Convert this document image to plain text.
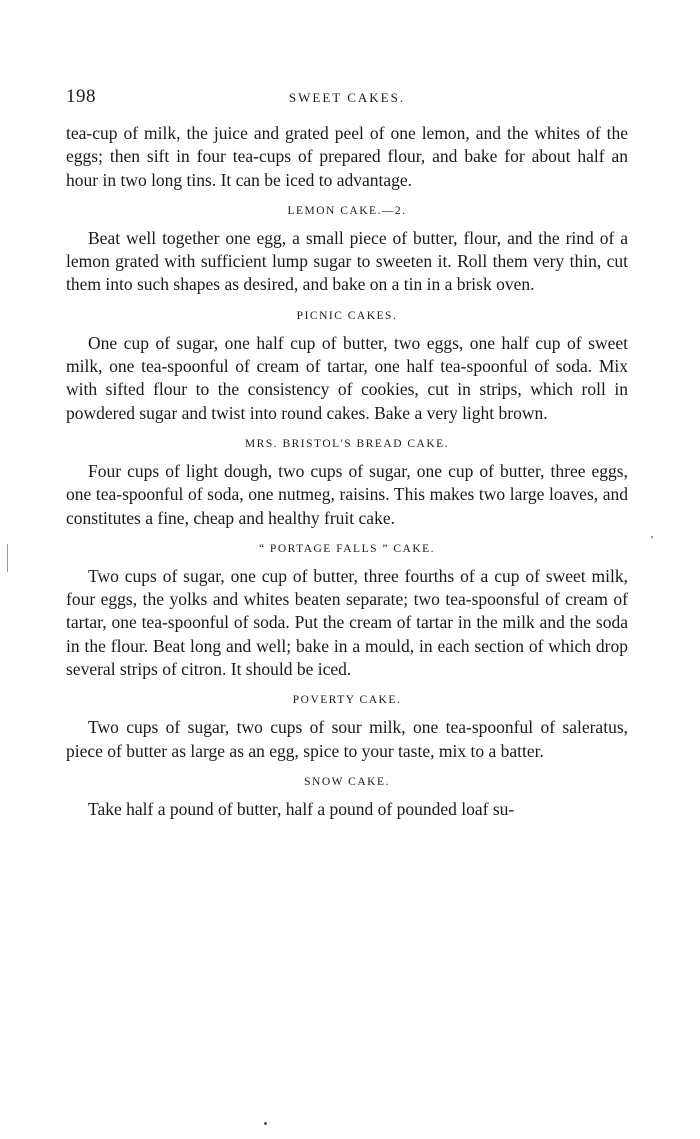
198	SWEET CAKES.

tea-cup of milk, the juice and grated peel of one lemon, and the whites of the eggs; then sift in four tea-cups of prepared flour, and bake for about half an hour in two long tins. It can be iced to advantage.

LEMON CAKE.—2.

Beat well together one egg, a small piece of butter, flour, and the rind of a lemon grated with sufficient lump sugar to sweeten it. Roll them very thin, cut them into such shapes as desired, and bake on a tin in a brisk oven.

PICNIC CAKES.

One cup of sugar, one half cup of butter, two eggs, one half cup of sweet milk, one tea-spoonful of cream of tartar, one half tea-spoonful of soda. Mix with sifted flour to the consistency of cookies, cut in strips, which roll in powdered sugar and twist into round cakes. Bake a very light brown.

MRS. BRISTOL'S BREAD CAKE.

Four cups of light dough, two cups of sugar, one cup of butter, three eggs, one tea-spoonful of soda, one nutmeg, raisins. This makes two large loaves, and constitutes a fine, cheap and healthy fruit cake.

“ PORTAGE FALLS ” CAKE.

Two cups of sugar, one cup of butter, three fourths of a cup of sweet milk, four eggs, the yolks and whites beaten separate; two tea-spoonsful of cream of tartar, one tea-spoonful of soda. Put the cream of tartar in the milk and the soda in the flour. Beat long and well; bake in a mould, in each section of which drop several strips of citron. It should be iced.

POVERTY CAKE.

Two cups of sugar, two cups of sour milk, one tea-spoonful of saleratus, piece of butter as large as an egg, spice to your taste, mix to a batter.

SNOW CAKE.

Take half a pound of butter, half a pound of pounded loaf su-
